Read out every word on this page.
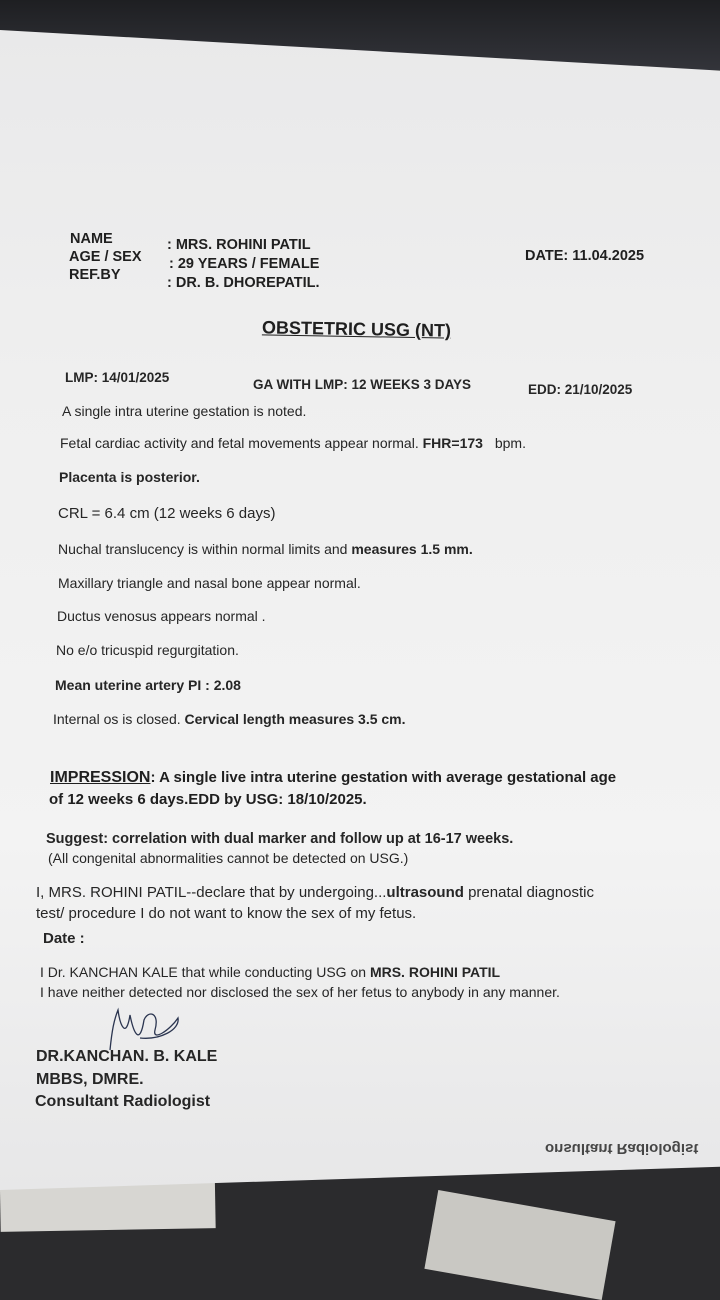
NAME	: MRS. ROHINI PATIL
AGE / SEX : 29 YEARS / FEMALE
REF.BY	: DR. B. DHOREPATIL.
DATE: 11.04.2025
OBSTETRIC USG (NT)
LMP: 14/01/2025	GA WITH LMP: 12 WEEKS 3 DAYS	EDD: 21/10/2025
A single intra uterine gestation is noted.
Fetal cardiac activity and fetal movements appear normal. FHR=173 bpm.
Placenta is posterior.
CRL = 6.4 cm (12 weeks 6 days)
Nuchal translucency is within normal limits and measures 1.5 mm.
Maxillary triangle and nasal bone appear normal.
Ductus venosus appears normal .
No e/o tricuspid regurgitation.
Mean uterine artery PI : 2.08
Internal os is closed. Cervical length measures 3.5 cm.
IMPRESSION: A single live intra uterine gestation with average gestational age
of 12 weeks 6 days.EDD by USG: 18/10/2025.
Suggest: correlation with dual marker and follow up at 16-17 weeks.
(All congenital abnormalities cannot be detected on USG.)
I, MRS. ROHINI PATIL--declare that by undergoing...ultrasound prenatal diagnostic
test/ procedure I do not want to know the sex of my fetus.
Date :
I Dr. KANCHAN KALE that while conducting USG on MRS. ROHINI PATIL
I have neither detected nor disclosed the sex of her fetus to anybody in any manner.
DR.KANCHAN. B. KALE
MBBS, DMRE.
Consultant Radiologist
onsultant Radiologist
